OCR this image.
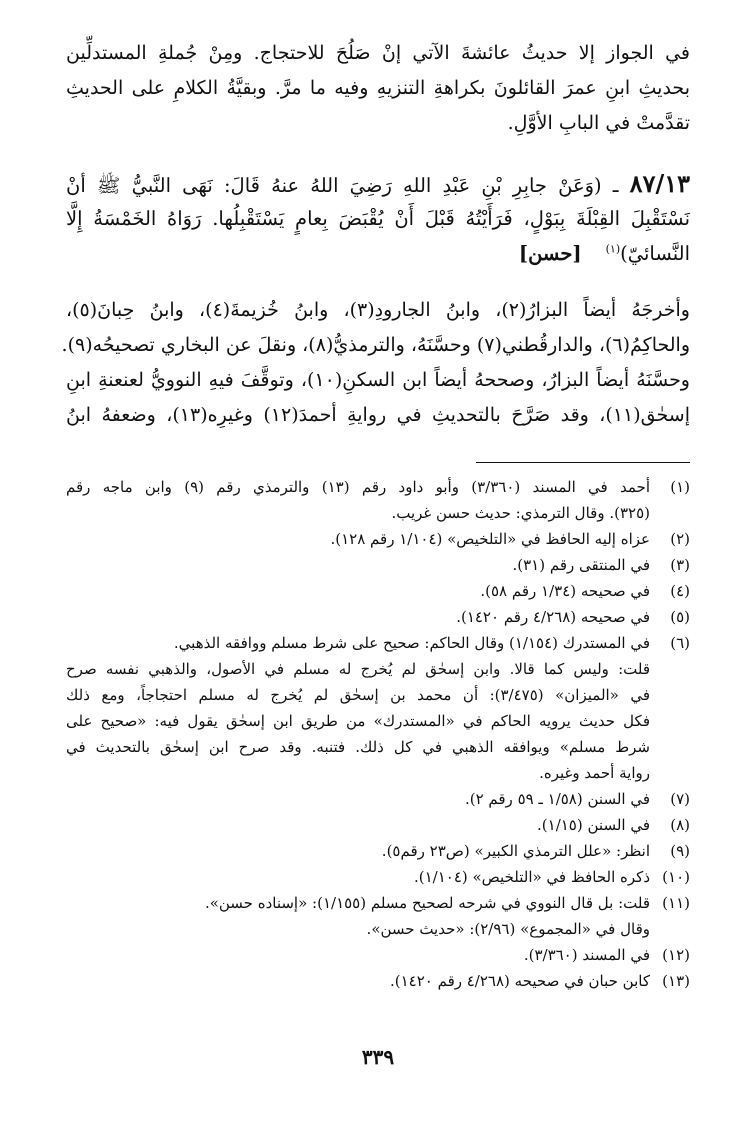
في الجواز إلا حديثُ عائشةَ الآتي إنْ صَلُحَ للاحتجاج. ومِنْ جُملةِ المستدلِّين
بحديثِ ابنِ عمرَ القائلونَ بكراهةِ التنزيهِ وفيه ما مرَّ. وبقيَّةُ الكلامِ على الحديثِ
تقدَّمتْ في البابِ الأوَّلِ.
٨٧/١٣ ـ (وَعَنْ جابِرِ بْنِ عَبْدِ اللهِ رَضِيَ اللهُ عنهُ قَالَ: نَهَى النَّبيُّ ﷺ أنْ
نَسْتَقْبِلَ القِبْلَةَ بِبَوْلٍ، فَرَأَيْتُهُ قَبْلَ أَنْ يُقْبَضَ بِعامٍ يَسْتَقْبِلُها. رَوَاهُ الخَمْسَةُ إِلَّا
النَّسائيّ)$^{(١)}$[حسن]
وأخرجَهُ أيضاً البزارُ(٢)، وابنُ الجارودِ(٣)، وابنُ خُزيمةَ(٤)، وابنُ حِبانَ(٥)،
والحاكِمُ(٦)، والدارقُطني(٧) وحسَّنَهُ، والترمذيُّ(٨)، ونقلَ عن البخاري تصحيحُه(٩).
وحسَّنَهُ أيضاً البزارُ، وصححهُ أيضاً ابن السكنِ(١٠)، وتوقَّفَ فيهِ النوويُّ لعنعنةِ ابنِ
إسحٰق(١١)، وقد صَرَّحَ بالتحديثِ في روايةِ أحمدَ(١٢) وغيرِه(١٣)، وضعفهُ ابنُ
(١)
أحمد في المسند (٣/٣٦٠) وأبو داود رقم (١٣) والترمذي رقم (٩) وابن ماجه رقم
(٣٢٥). وقال الترمذي: حديث حسن غريب.
(٢)
عزاه إليه الحافظ في «التلخيص» (١/١٠٤ رقم ١٢٨).
(٣)
في المنتقى رقم (٣١).
(٤)
في صحيحه (١/٣٤ رقم ٥٨).
(٥)
في صحيحه (٤/٢٦٨ رقم ١٤٢٠).
(٦)
في المستدرك (١/١٥٤) وقال الحاكم: صحيح على شرط مسلم ووافقه الذهبي.
قلت: وليس كما قالا. وابن إسحٰق لم يُخرج له مسلم في الأصول، والذهبي نفسه صرح
في «الميزان» (٣/٤٧٥): أن محمد بن إسحٰق لم يُخرج له مسلم احتجاجاً، ومع ذلك
فكل حديث يرويه الحاكم في «المستدرك» من طريق ابن إسحٰق يقول فيه: «صحيح على
شرط مسلم» ويوافقه الذهبي في كل ذلك. فتنبه. وقد صرح ابن إسحٰق بالتحديث في
رواية أحمد وغيره.
(٧)
في السنن (١/٥٨ ـ ٥٩ رقم ٢).
(٨)
في السنن (١/١٥).
(٩)
انظر: «علل الترمذي الكبير» (ص٢٣ رقم٥).
(١٠)
ذكره الحافظ في «التلخيص» (١/١٠٤).
(١١)
قلت: بل قال النووي في شرحه لصحيح مسلم (١/١٥٥): «إسناده حسن».
وقال في «المجموع» (٢/٩٦): «حديث حسن».
(١٢)
في المسند (٣/٣٦٠).
(١٣)
كابن حبان في صحيحه (٤/٢٦٨ رقم ١٤٢٠).
٣٣٩
